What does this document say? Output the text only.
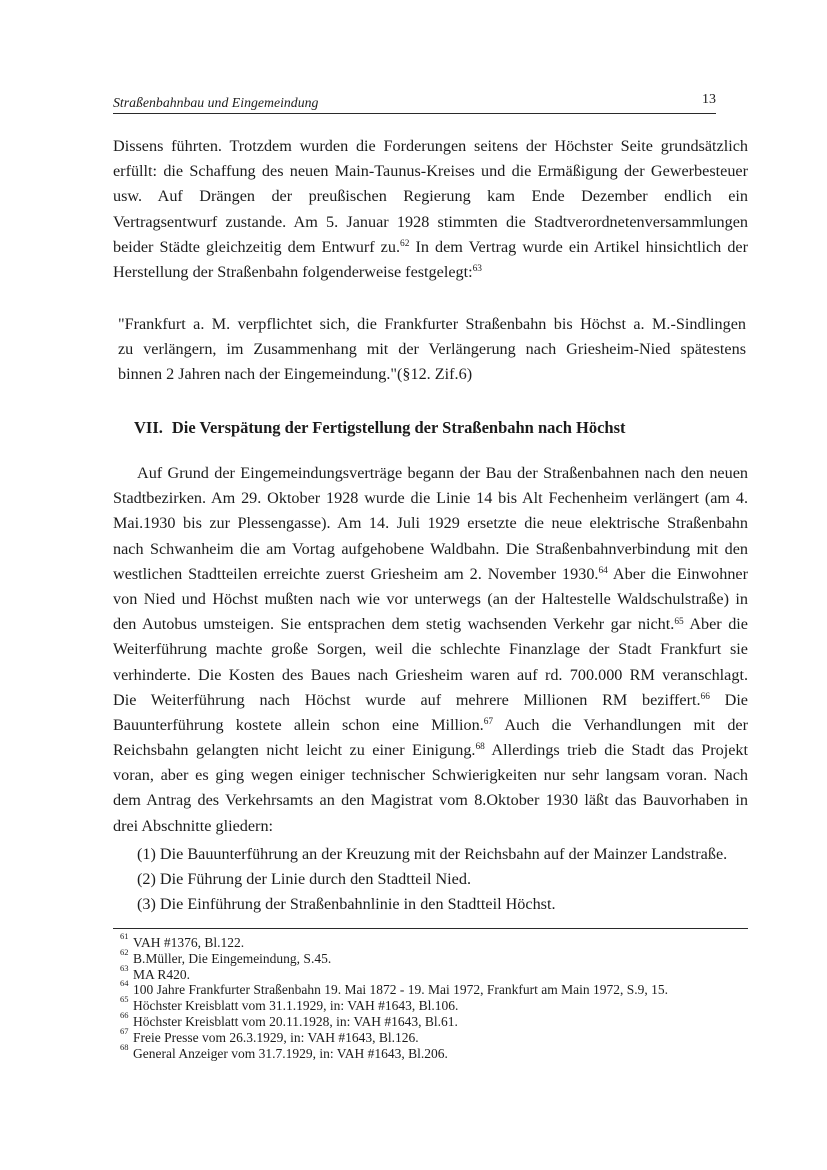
Straßenbahnbau und Eingemeindung	13
Dissens führten. Trotzdem wurden die Forderungen seitens der Höchster Seite grundsätzlich
erfüllt: die Schaffung des neuen Main-Taunus-Kreises und die Ermäßigung der Gewerbesteuer
usw. Auf Drängen der preußischen Regierung kam Ende Dezember endlich ein
Vertragsentwurf zustande. Am 5. Januar 1928 stimmten die Stadtverordnetenversammlungen
beider Städte gleichzeitig dem Entwurf zu.$^{62}$ In dem Vertrag wurde ein Artikel hinsichtlich der
Herstellung der Straßenbahn folgenderweise festgelegt:$^{63}$
"Frankfurt a. M. verpflichtet sich, die Frankfurter Straßenbahn bis Höchst a. M.-Sindlingen
zu verlängern, im Zusammenhang mit der Verlängerung nach Griesheim-Nied spätestens
binnen 2 Jahren nach der Eingemeindung."(§12. Zif.6)
VII. Die Verspätung der Fertigstellung der Straßenbahn nach Höchst
Auf Grund der Eingemeindungsverträge begann der Bau der Straßenbahnen nach den neuen
Stadtbezirken. Am 29. Oktober 1928 wurde die Linie 14 bis Alt Fechenheim verlängert (am 4.
Mai.1930 bis zur Plessengasse). Am 14. Juli 1929 ersetzte die neue elektrische Straßenbahn
nach Schwanheim die am Vortag aufgehobene Waldbahn. Die Straßenbahnverbindung mit den
westlichen Stadtteilen erreichte zuerst Griesheim am 2. November 1930.64 Aber die Einwohner
von Nied und Höchst mußten nach wie vor unterwegs (an der Haltestelle Waldschulstraße) in
den Autobus umsteigen. Sie entsprachen dem stetig wachsenden Verkehr gar nicht.$^{65}$ Aber die
Weiterführung machte große Sorgen, weil die schlechte Finanzlage der Stadt Frankfurt sie
verhinderte. Die Kosten des Baues nach Griesheim waren auf rd. 700.000 RM veranschlagt.
Die Weiterführung nach Höchst wurde auf mehrere Millionen RM beziffert.$^{66}$ Die
Bauunterführung kostete allein schon eine Million.$^{67}$ Auch die Verhandlungen mit der
Reichsbahn gelangten nicht leicht zu einer Einigung.$^{68}$ Allerdings trieb die Stadt das Projekt
voran, aber es ging wegen einiger technischer Schwierigkeiten nur sehr langsam voran. Nach
dem Antrag des Verkehrsamts an den Magistrat vom 8.Oktober 1930 läßt das Bauvorhaben in
drei Abschnitte gliedern:
(1) Die Bauunterführung an der Kreuzung mit der Reichsbahn auf der Mainzer Landstraße.
(2) Die Führung der Linie durch den Stadtteil Nied.
(3) Die Einführung der Straßenbahnlinie in den Stadtteil Höchst.
61 VAH #1376, Bl.122.
62 B.Müller, Die Eingemeindung, S.45.
63 MA R420.
64 100 Jahre Frankfurter Straßenbahn 19. Mai 1872 - 19. Mai 1972, Frankfurt am Main 1972, S.9, 15.
65 Höchster Kreisblatt vom 31.1.1929, in: VAH #1643, Bl.106.
66 Höchster Kreisblatt vom 20.11.1928, in: VAH #1643, Bl.61.
67 Freie Presse vom 26.3.1929, in: VAH #1643, Bl.126.
68 General Anzeiger vom 31.7.1929, in: VAH #1643, Bl.206.
